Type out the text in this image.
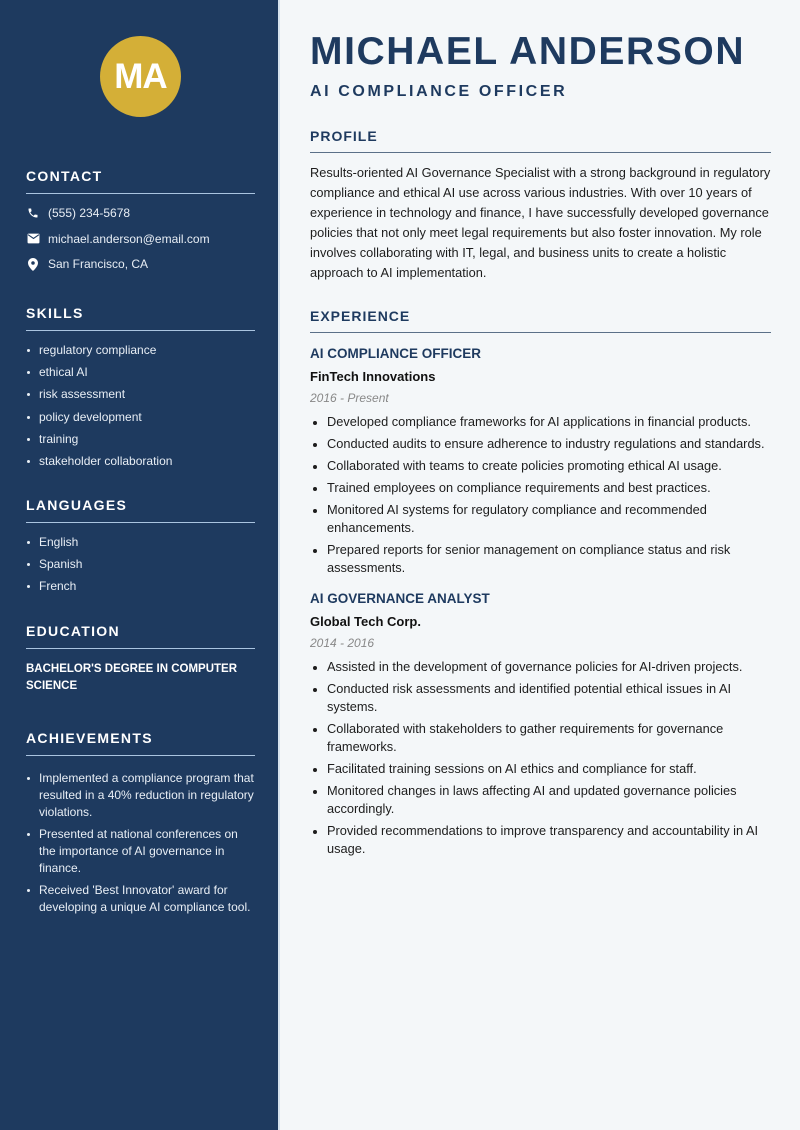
MA
CONTACT
(555) 234-5678
michael.anderson@email.com
San Francisco, CA
SKILLS
regulatory compliance
ethical AI
risk assessment
policy development
training
stakeholder collaboration
LANGUAGES
English
Spanish
French
EDUCATION
BACHELOR'S DEGREE IN COMPUTER SCIENCE
ACHIEVEMENTS
Implemented a compliance program that resulted in a 40% reduction in regulatory violations.
Presented at national conferences on the importance of AI governance in finance.
Received 'Best Innovator' award for developing a unique AI compliance tool.
MICHAEL ANDERSON
AI COMPLIANCE OFFICER
PROFILE

Results-oriented AI Governance Specialist with a strong background in regulatory compliance and ethical AI use across various industries. With over 10 years of experience in technology and finance, I have successfully developed governance policies that not only meet legal requirements but also foster innovation. My role involves collaborating with IT, legal, and business units to create a holistic approach to AI implementation.

EXPERIENCE
AI COMPLIANCE OFFICER
FinTech Innovations
2016 - Present
Developed compliance frameworks for AI applications in financial products.
Conducted audits to ensure adherence to industry regulations and standards.
Collaborated with teams to create policies promoting ethical AI usage.
Trained employees on compliance requirements and best practices.
Monitored AI systems for regulatory compliance and recommended enhancements.
Prepared reports for senior management on compliance status and risk assessments.
AI GOVERNANCE ANALYST
Global Tech Corp.
2014 - 2016
Assisted in the development of governance policies for AI-driven projects.
Conducted risk assessments and identified potential ethical issues in AI systems.
Collaborated with stakeholders to gather requirements for governance frameworks.
Facilitated training sessions on AI ethics and compliance for staff.
Monitored changes in laws affecting AI and updated governance policies accordingly.
Provided recommendations to improve transparency and accountability in AI usage.
